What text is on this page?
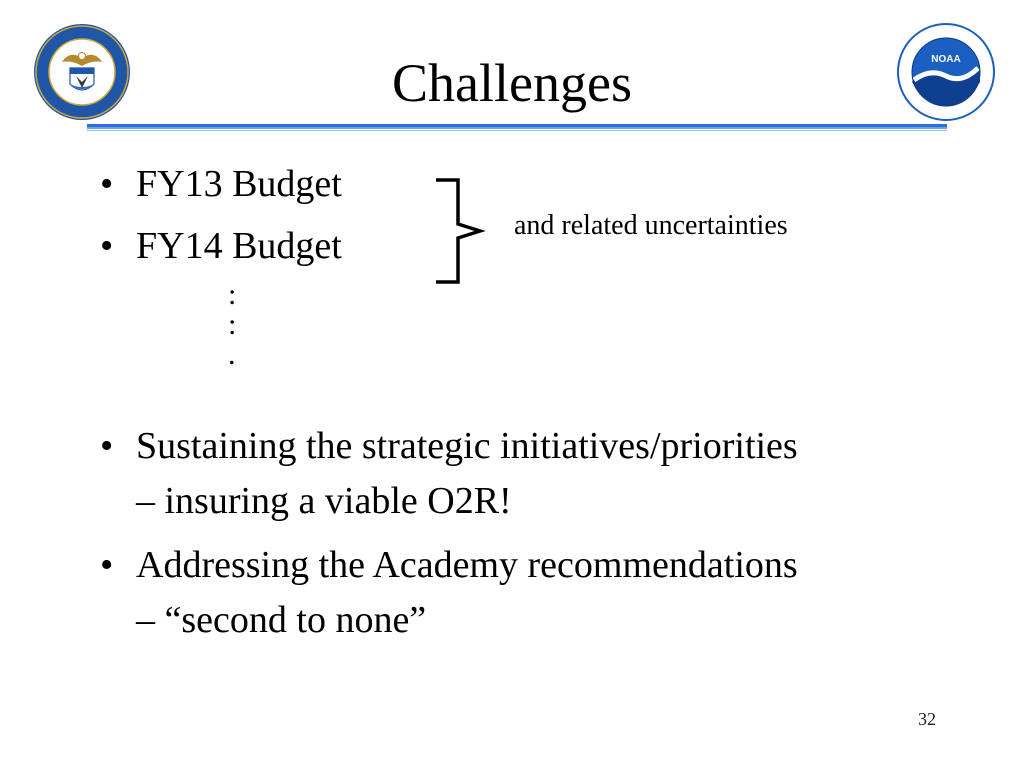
NOAA
Challenges
• FY13 Budget
• FY14 Budget	and related uncertainties
:
:
.
• Sustaining the strategic initiatives/priorities
– insuring a viable O2R!
• Addressing the Academy recommendations
– “second to none”
32
